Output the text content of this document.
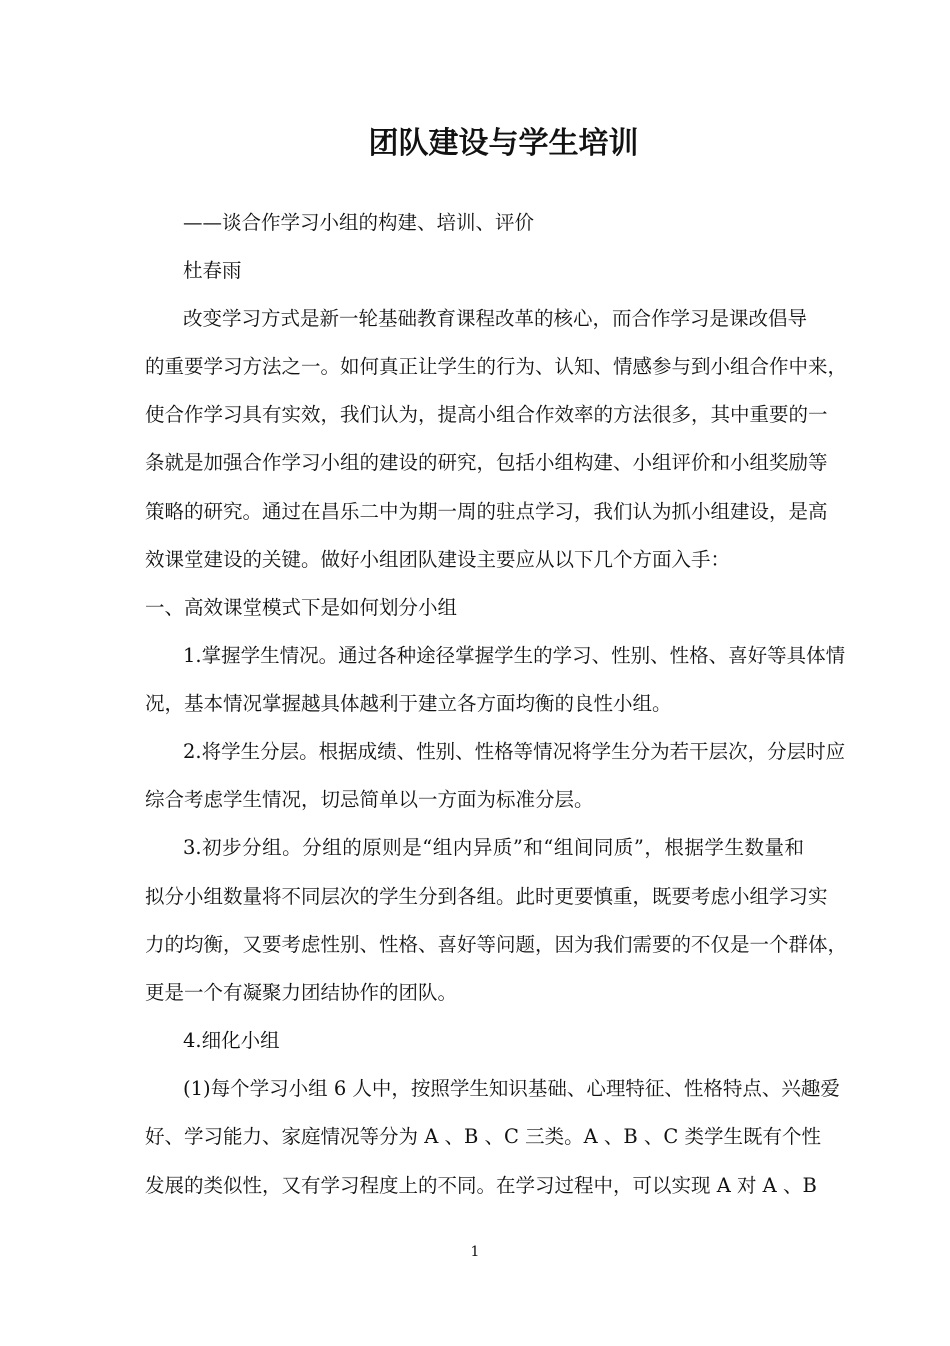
团队建设与学生培训
——谈合作学习小组的构建、培训、评价
杜春雨
改变学习方式是新一轮基础教育课程改革的核心，而合作学习是课改倡导
的重要学习方法之一。如何真正让学生的行为、认知、情感参与到小组合作中来，
使合作学习具有实效，我们认为，提高小组合作效率的方法很多，其中重要的一
条就是加强合作学习小组的建设的研究，包括小组构建、小组评价和小组奖励等
策略的研究。通过在昌乐二中为期一周的驻点学习，我们认为抓小组建设，是高
效课堂建设的关键。做好小组团队建设主要应从以下几个方面入手：
一、高效课堂模式下是如何划分小组
1.掌握学生情况。通过各种途径掌握学生的学习、性别、性格、喜好等具体情
况，基本情况掌握越具体越利于建立各方面均衡的良性小组。
2.将学生分层。根据成绩、性别、性格等情况将学生分为若干层次，分层时应
综合考虑学生情况，切忌简单以一方面为标准分层。
3.初步分组。分组的原则是“组内异质”和“组间同质”，根据学生数量和
拟分小组数量将不同层次的学生分到各组。此时更要慎重，既要考虑小组学习实
力的均衡，又要考虑性别、性格、喜好等问题，因为我们需要的不仅是一个群体，
更是一个有凝聚力团结协作的团队。
4.细化小组
(1)每个学习小组 6 人中，按照学生知识基础、心理特征、性格特点、兴趣爱
好、学习能力、家庭情况等分为 A 、B 、C 三类。A 、B 、C 类学生既有个性
发展的类似性，又有学习程度上的不同。在学习过程中，可以实现 A 对 A 、B
1
